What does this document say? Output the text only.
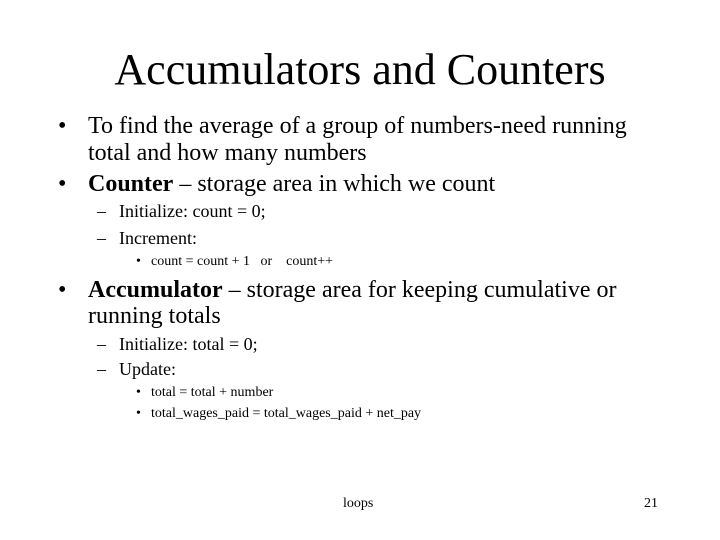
Accumulators and Counters
• To find the average of a group of numbers-need running
total and how many numbers
• Counter – storage area in which we count
– Initialize: count = 0;
– Increment:
• count = count + 1   or    count++
• Accumulator – storage area for keeping cumulative or
running totals
– Initialize: total = 0;
– Update:
• total = total + number
• total_wages_paid = total_wages_paid + net_pay
loops	21
